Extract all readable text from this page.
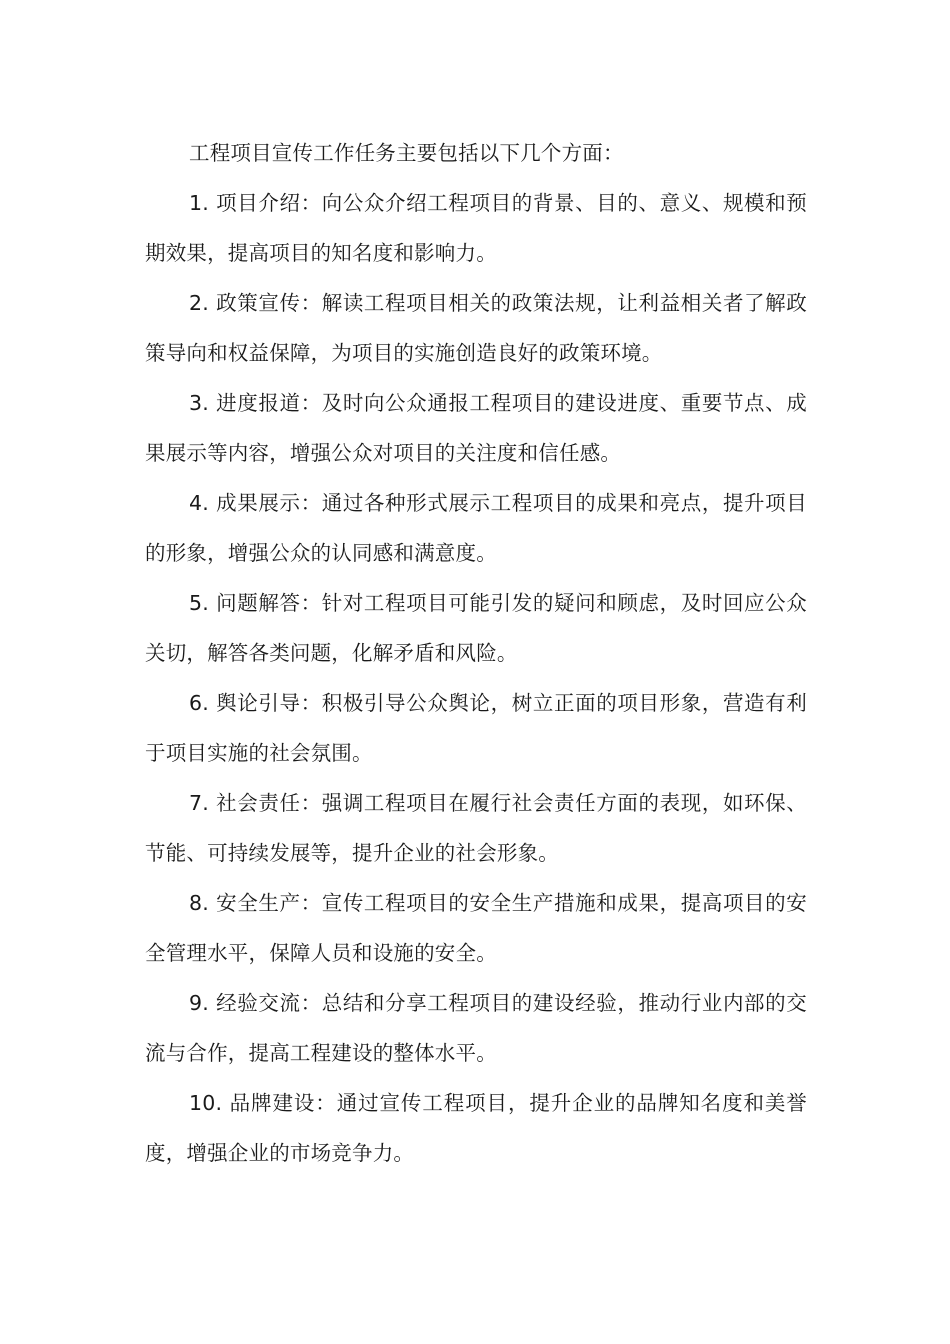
工程项目宣传工作任务主要包括以下几个方面：

1. 项目介绍：向公众介绍工程项目的背景、目的、意义、规模和预期效果，提高项目的知名度和影响力。

2. 政策宣传：解读工程项目相关的政策法规，让利益相关者了解政策导向和权益保障，为项目的实施创造良好的政策环境。

3. 进度报道：及时向公众通报工程项目的建设进度、重要节点、成果展示等内容，增强公众对项目的关注度和信任感。

4. 成果展示：通过各种形式展示工程项目的成果和亮点，提升项目的形象，增强公众的认同感和满意度。

5. 问题解答：针对工程项目可能引发的疑问和顾虑，及时回应公众关切，解答各类问题，化解矛盾和风险。

6. 舆论引导：积极引导公众舆论，树立正面的项目形象，营造有利于项目实施的社会氛围。

7. 社会责任：强调工程项目在履行社会责任方面的表现，如环保、节能、可持续发展等，提升企业的社会形象。

8. 安全生产：宣传工程项目的安全生产措施和成果，提高项目的安全管理水平，保障人员和设施的安全。

9. 经验交流：总结和分享工程项目的建设经验，推动行业内部的交流与合作，提高工程建设的整体水平。

10. 品牌建设：通过宣传工程项目，提升企业的品牌知名度和美誉度，增强企业的市场竞争力。
